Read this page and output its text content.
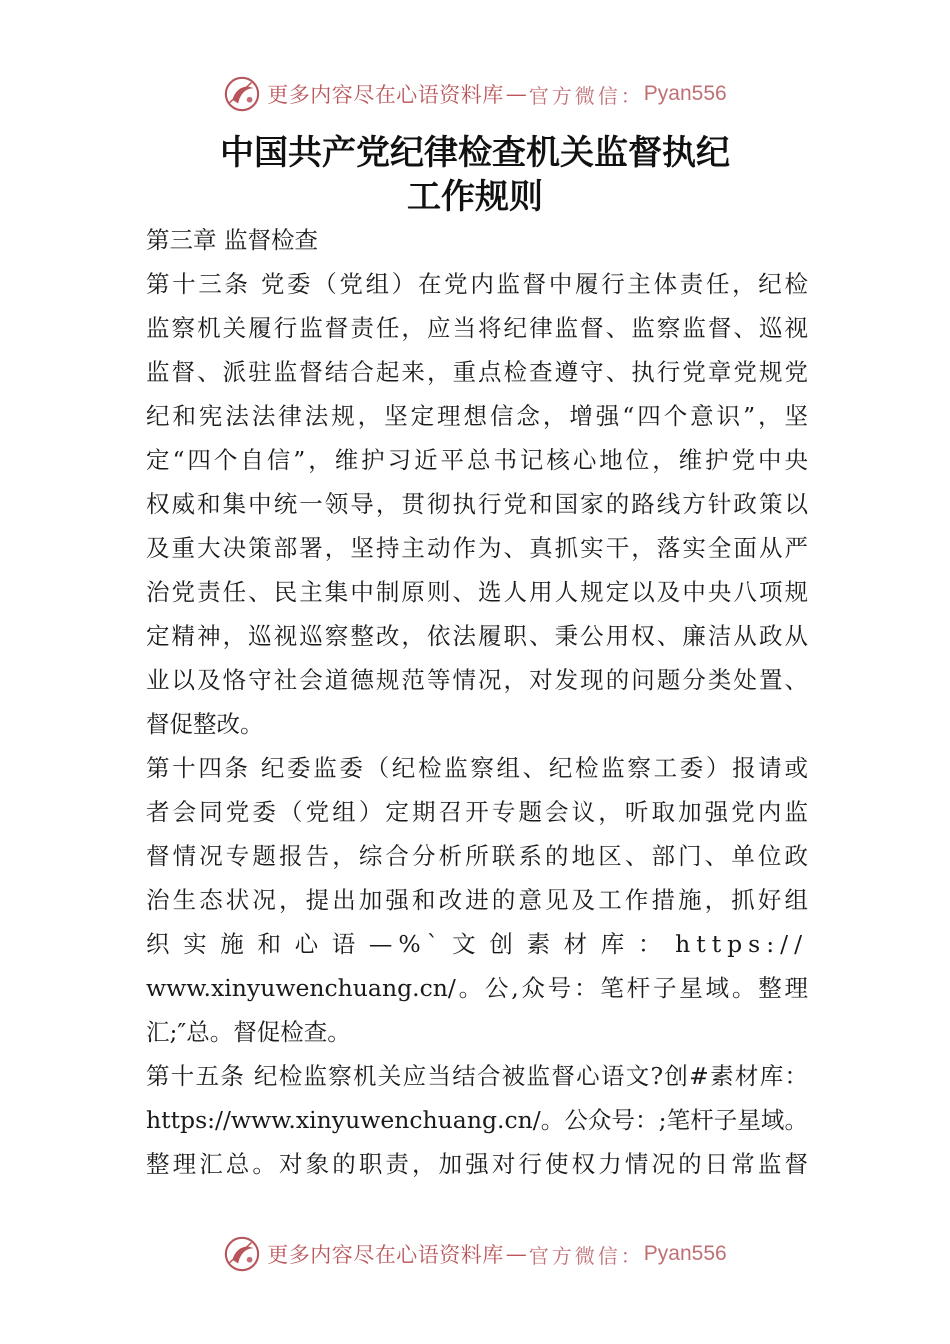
更多内容尽在心语资料库 — 官方微信： Pyan556
中国共产党纪律检查机关监督执纪
工作规则
第三章 监督检查
第十三条 党委（党组）在党内监督中履行主体责任，纪检
监察机关履行监督责任，应当将纪律监督、监察监督、巡视
监督、派驻监督结合起来，重点检查遵守、执行党章党规党
纪和宪法法律法规，坚定理想信念，增强“四个意识”，坚
定“四个自信”，维护习近平总书记核心地位，维护党中央
权威和集中统一领导，贯彻执行党和国家的路线方针政策以
及重大决策部署，坚持主动作为、真抓实干，落实全面从严
治党责任、民主集中制原则、选人用人规定以及中央八项规
定精神，巡视巡察整改，依法履职、秉公用权、廉洁从政从
业以及恪守社会道德规范等情况，对发现的问题分类处置、
督促整改。
第十四条 纪委监委（纪检监察组、纪检监察工委）报请或
者会同党委（党组）定期召开专题会议，听取加强党内监
督情况专题报告，综合分析所联系的地区、部门、单位政
治生态状况，提出加强和改进的意见及工作措施，抓好组
织实施和心语—%`文创素材库：https://
www.xinyuwenchuang.cn/。公,众号：笔杆子星域。整理
汇;″总。督促检查。
第十五条 纪检监察机关应当结合被监督心语文?创#素材库：
https://www.xinyuwenchuang.cn/。公众号：;笔杆子星域。
整理汇总。对象的职责，加强对行使权力情况的日常监督
更多内容尽在心语资料库 — 官方微信： Pyan556
